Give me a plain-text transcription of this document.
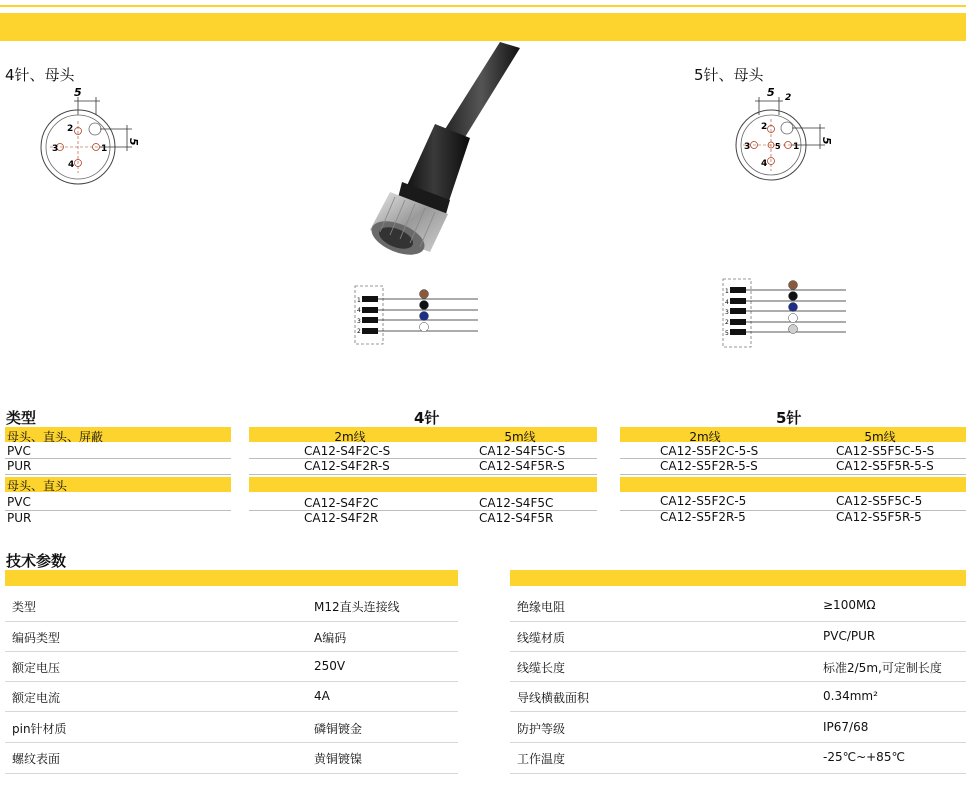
4针、母头	5针、母头
5
1
2
3
4
5
5 2
1
2
3
4
5
5
1
4
3
2
1
4
3
2
5
类型	4针	5针
母头、直头、屏蔽	2m线	5m线	2m线	5m线
PVC	CA12-S4F2C-S	CA12-S4F5C-S	CA12-S5F2C-5-S	CA12-S5F5C-5-S
PUR	CA12-S4F2R-S	CA12-S4F5R-S	CA12-S5F2R-5-S	CA12-S5F5R-5-S
母头、直头
PVC	CA12-S4F2C	CA12-S4F5C	CA12-S5F2C-5	CA12-S5F5C-5
PUR	CA12-S4F2R	CA12-S4F5R	CA12-S5F2R-5	CA12-S5F5R-5
技术参数
类型	M12直头连接线
编码类型	A编码
额定电压	250V
额定电流	4A
pin针材质	磷铜镀金
螺纹表面	黄铜镀镍
绝缘电阻	≥100MΩ
线缆材质	PVC/PUR
线缆长度	标准2/5m,可定制长度
导线横截面积	0.34mm²
防护等级	IP67/68
工作温度	-25℃~+85℃
